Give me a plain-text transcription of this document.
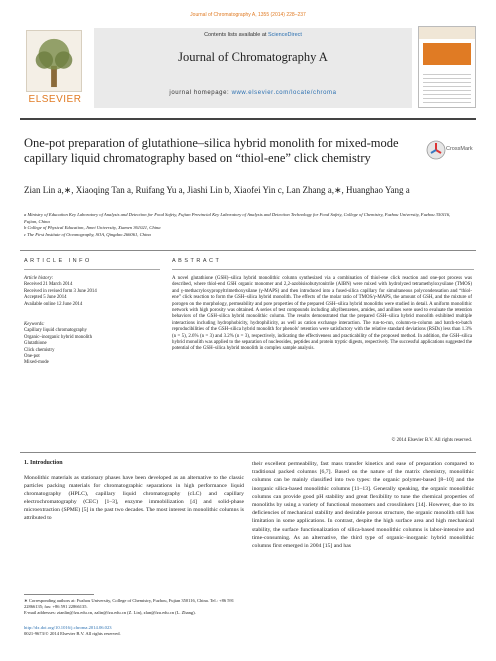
Journal of Chromatography A, 1355 (2014) 228–237
ELSEVIER
Contents lists available at ScienceDirect
Journal of Chromatography A
journal homepage: www.elsevier.com/locate/chroma
One-pot preparation of glutathione–silica hybrid monolith for mixed-mode capillary liquid chromatography based on “thiol-ene” click chemistry
CrossMark
Zian Lin a,∗, Xiaoqing Tan a, Ruifang Yu a, Jiashi Lin b, Xiaofei Yin c, Lan Zhang a,∗, Huanghao Yang a
a Ministry of Education Key Laboratory of Analysis and Detection for Food Safety, Fujian Provincial Key Laboratory of Analysis and Detection Technology for Food Safety, College of Chemistry, Fuzhou University, Fuzhou 350116, Fujian, China
b College of Physical Education, Jimei University, Xiamen 361021, China
c The First Institute of Oceanography, SOA, Qingdao 266061, China
ARTICLE INFO	ABSTRACT
Article history:
Received 21 March 2014
Received in revised form 3 June 2014
Accepted 5 June 2014
Available online 12 June 2014
Keywords:
Capillary liquid chromatography
Organic–inorganic hybrid monolith
Glutathione
Click chemistry
One-pot
Mixed-mode
A novel glutathione (GSH)–silica hybrid monolithic column synthesized via a combination of thiol-ene click reaction and one-pot process was described, where thiol-end GSH organic monomer and 2,2-azobisisobutyronitrile (AIBN) were mixed with hydrolyzed tetramethyloxysilane (TMOS) and γ-methacryloxypropyltrimethoxysilane (γ-MAPS) and then introduced into a fused-silica capillary for simultaneous polycondensation and “thiol-ene” click reaction to form the GSH–silica hybrid monolith. The effects of the molar ratio of TMOS/γ-MAPS, the amount of GSH, and the mixture of porogen on the morphology, permeability and pore properties of the prepared GSH–silica hybrid monoliths were studied in detail. A uniform monolithic network with high porosity was obtained. A series of test compounds including alkylbenzenes, amides, and anilines were used to evaluate the retention behaviors of the GSH–silica hybrid monolithic column. The results demonstrated that the prepared GSH–silica hybrid monolith exhibited multiple interactions including hydrophobicity, hydrophilicity, as well as cation exchange interaction. The run-to-run, column-to-column and batch-to-batch reproducibilities of the GSH–silica hybrid monolith for phenols’ retention were satisfactory with the relative standard deviations (RSDs) less than 1.3% (n = 5), 2.6% (n = 3) and 3.2% (n = 3), respectively, indicating the effectiveness and practicability of the proposed method. In addition, the GSH–silica hybrid monolith was applied to the separation of nucleosides, peptides and protein tryptic digests, respectively. The successful applications suggested the potential of the GSH–silica hybrid monolith in complex sample analysis.
© 2014 Elsevier B.V. All rights reserved.
1. Introduction
Monolithic materials as stationary phases have been developed as an alternative to the classic particles packing materials for chromatographic separations in high performance liquid chromatography (HPLC), capillary liquid chromatography (cLC) and capillary electrochromatography (CEC) [1–3], enzyme immobilization [4] and solid-phase microextraction (SPME) [5] in the past two decades. The most interest in monolithic columns is attributed to
their excellent permeability, fast mass transfer kinetics and ease of preparation compared to traditional packed columns [6,7]. Based on the nature of the matrix chemistry, monolithic columns can be mainly classified into two types: the organic polymer-based [8–10] and the inorganic silica-based monolithic columns [11–13]. Generally speaking, the organic monolithic columns can provide good pH stability and great flexibility to tune the chemical properties of monoliths by using a variety of functional monomers and crosslinkers [14]. However, due to its deficiencies of mechanical stability and desirable porous structure, the organic monolith still has limitation in some applications. In contrast, despite the high surface area and high mechanical stability, the surface functionalization of silica-based monolithic columns is labor-intensive and time-consuming. As an alternative, the third type of organic–inorganic hybrid monolithic columns first emerged in 2004 [15] and has
∗ Corresponding authors at: Fuzhou University, College of Chemistry, Fuzhou, Fujian 350116, China. Tel.: +86 591 22866135; fax: +86 591 22866135.
E-mail addresses: zianlin@fzu.edu.cn, zalin@fzu.edu.cn (Z. Lin), zlan@fzu.edu.cn (L. Zhang).
http://dx.doi.org/10.1016/j.chroma.2014.06.023
0021-9673/© 2014 Elsevier B.V. All rights reserved.
